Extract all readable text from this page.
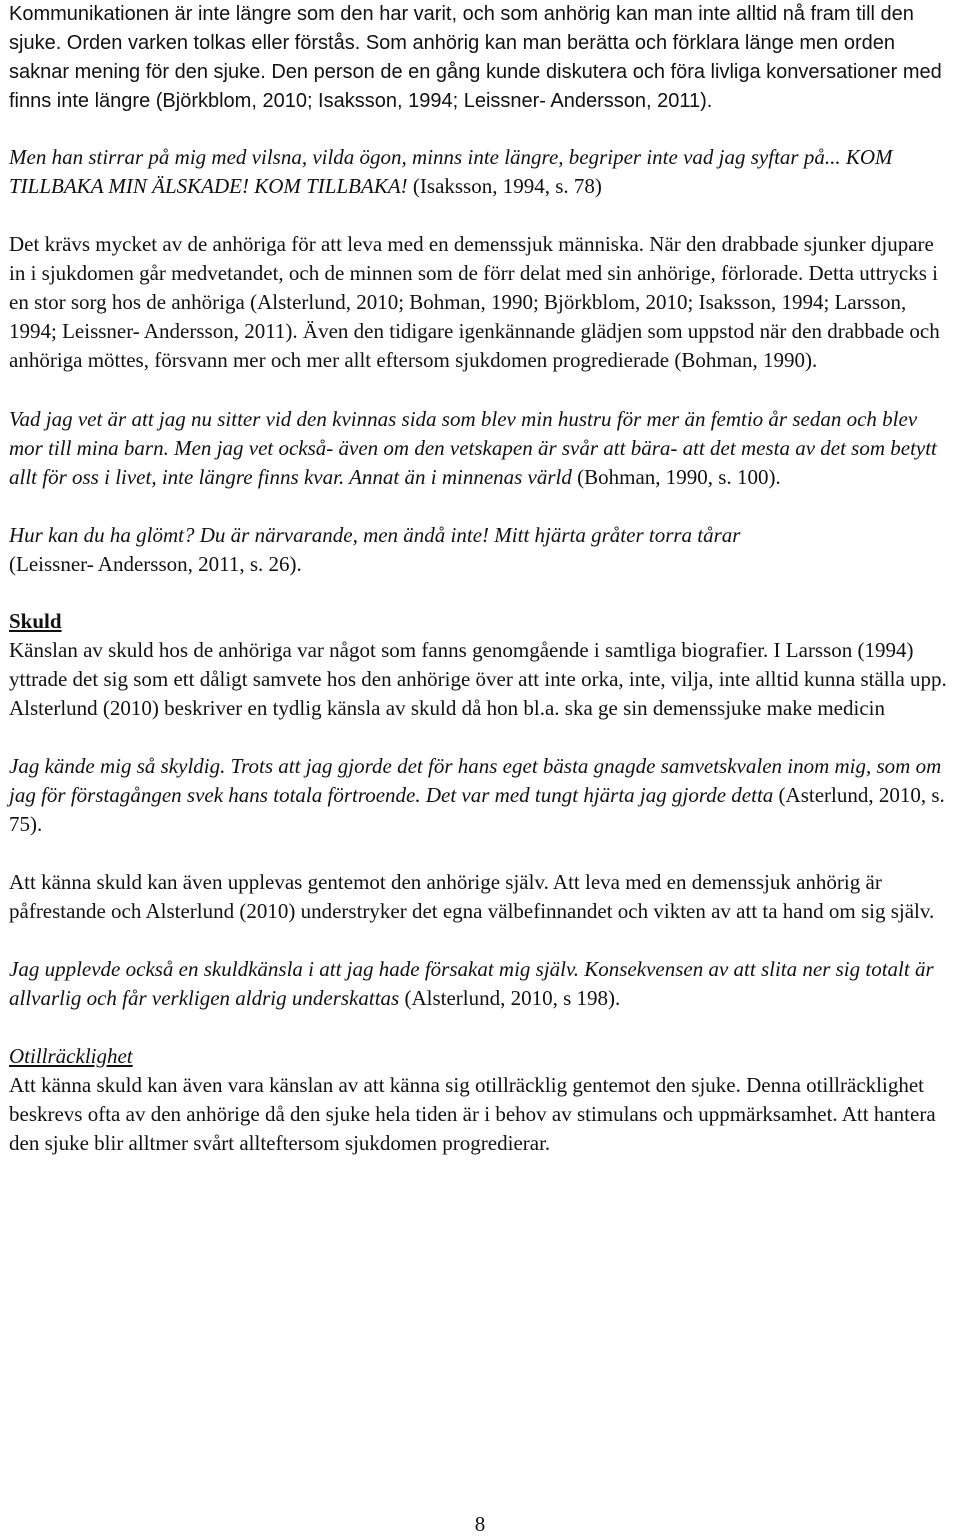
Kommunikationen är inte längre som den har varit, och som anhörig kan man inte alltid nå fram till den sjuke. Orden varken tolkas eller förstås. Som anhörig kan man berätta och förklara länge men orden saknar mening för den sjuke. Den person de en gång kunde diskutera och föra livliga konversationer med finns inte längre (Björkblom, 2010; Isaksson, 1994; Leissner- Andersson, 2011).

Men han stirrar på mig med vilsna, vilda ögon, minns inte längre, begriper inte vad jag syftar på... KOM TILLBAKA MIN ÄLSKADE! KOM TILLBAKA! (Isaksson, 1994, s. 78)

Det krävs mycket av de anhöriga för att leva med en demenssjuk människa. När den drabbade sjunker djupare in i sjukdomen går medvetandet, och de minnen som de förr delat med sin anhörige, förlorade. Detta uttrycks i en stor sorg hos de anhöriga (Alsterlund, 2010; Bohman, 1990; Björkblom, 2010; Isaksson, 1994; Larsson, 1994; Leissner- Andersson, 2011). Även den tidigare igenkännande glädjen som uppstod när den drabbade och anhöriga möttes, försvann mer och mer allt eftersom sjukdomen progredierade (Bohman, 1990).

Vad jag vet är att jag nu sitter vid den kvinnas sida som blev min hustru för mer än femtio år sedan och blev mor till mina barn. Men jag vet också- även om den vetskapen är svår att bära- att det mesta av det som betytt allt för oss i livet, inte längre finns kvar. Annat än i minnenas värld (Bohman, 1990, s. 100).

Hur kan du ha glömt? Du är närvarande, men ändå inte! Mitt hjärta gråter torra tårar
(Leissner- Andersson, 2011, s. 26).

Skuld

Känslan av skuld hos de anhöriga var något som fanns genomgående i samtliga biografier. I Larsson (1994) yttrade det sig som ett dåligt samvete hos den anhörige över att inte orka, inte, vilja, inte alltid kunna ställa upp. Alsterlund (2010) beskriver en tydlig känsla av skuld då hon bl.a. ska ge sin demenssjuke make medicin

Jag kände mig så skyldig. Trots att jag gjorde det för hans eget bästa gnagde samvetskvalen inom mig, som om jag för förstagången svek hans totala förtroende. Det var med tungt hjärta jag gjorde detta (Asterlund, 2010, s. 75).

Att känna skuld kan även upplevas gentemot den anhörige själv. Att leva med en demenssjuk anhörig är påfrestande och Alsterlund (2010) understryker det egna välbefinnandet och vikten av att ta hand om sig själv.

Jag upplevde också en skuldkänsla i att jag hade försakat mig själv. Konsekvensen av att slita ner sig totalt är allvarlig och får verkligen aldrig underskattas (Alsterlund, 2010, s 198).

Otillräcklighet

Att känna skuld kan även vara känslan av att känna sig otillräcklig gentemot den sjuke. Denna otillräcklighet beskrevs ofta av den anhörige då den sjuke hela tiden är i behov av stimulans och uppmärksamhet. Att hantera den sjuke blir alltmer svårt allteftersom sjukdomen progredierar.

8
